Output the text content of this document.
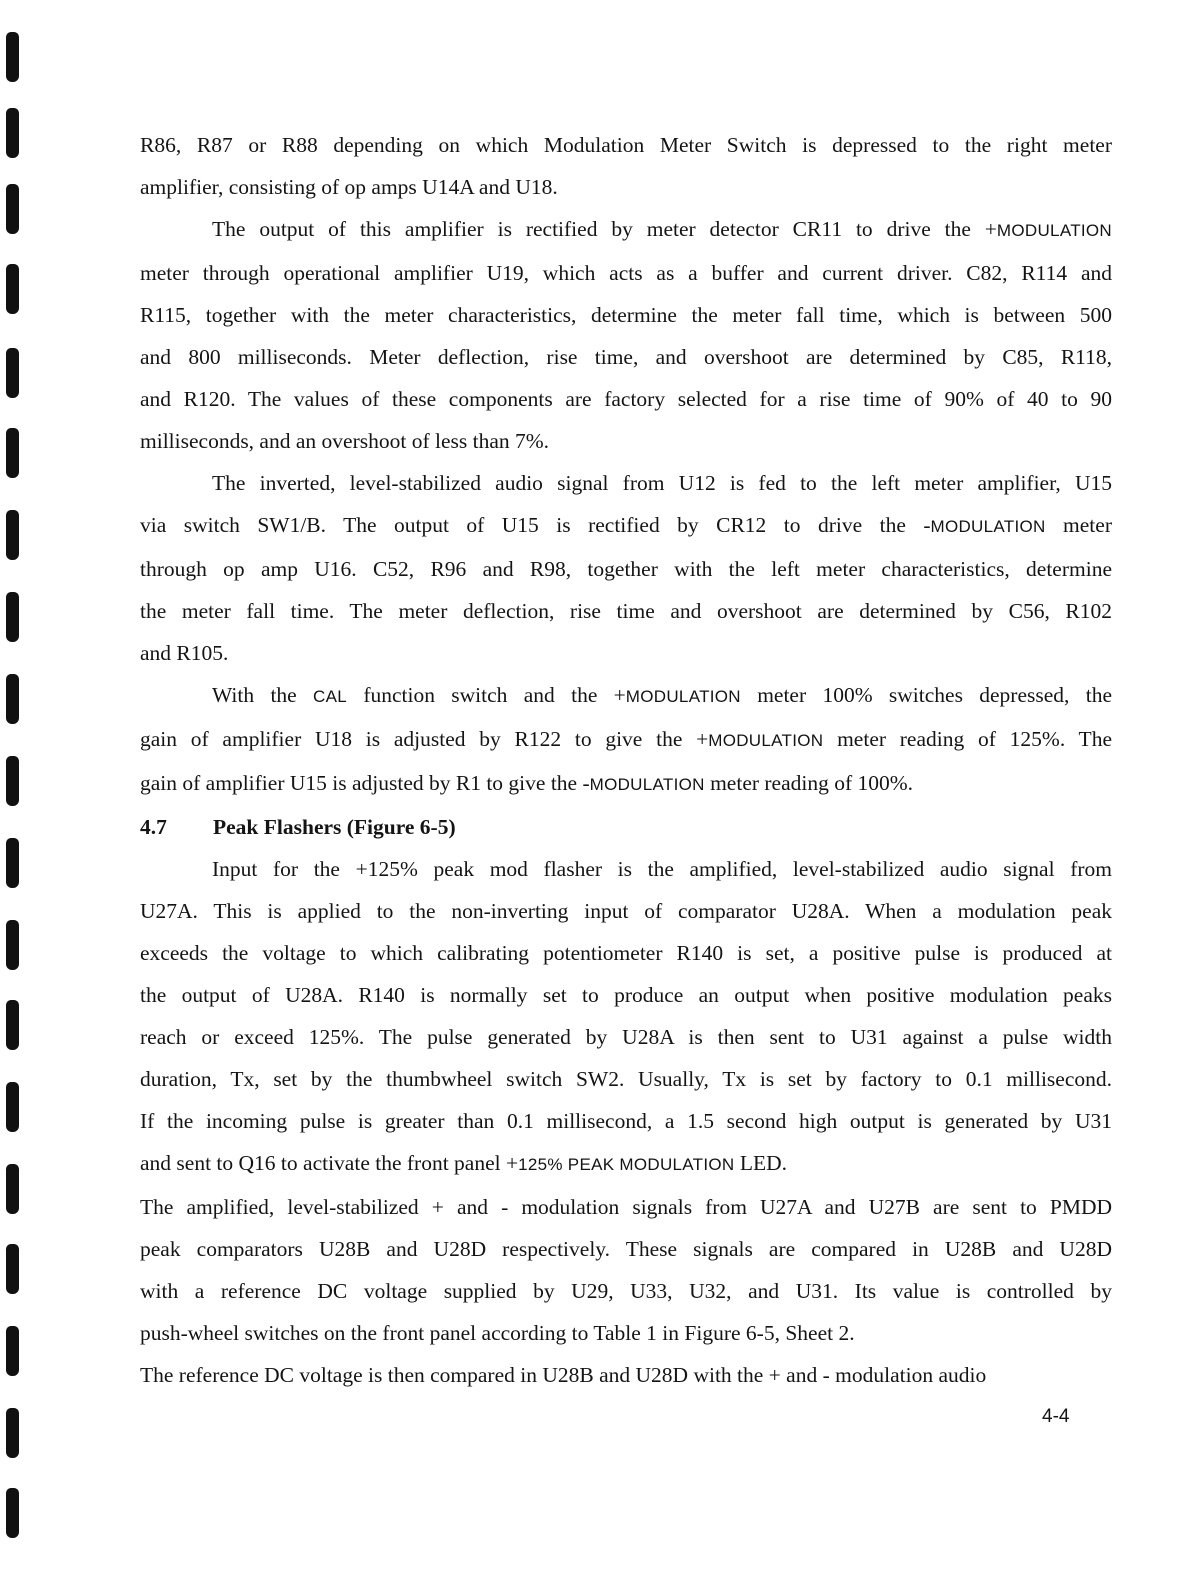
R86, R87 or R88 depending on which Modulation Meter Switch is depressed to the right meter
amplifier, consisting of op amps U14A and U18.

The output of this amplifier is rectified by meter detector CR11 to drive the +MODULATION
meter through operational amplifier U19, which acts as a buffer and current driver. C82, R114 and
R115, together with the meter characteristics, determine the meter fall time, which is between 500
and 800 milliseconds. Meter deflection, rise time, and overshoot are determined by C85, R118,
and R120. The values of these components are factory selected for a rise time of 90% of 40 to 90
milliseconds, and an overshoot of less than 7%.

The inverted, level-stabilized audio signal from U12 is fed to the left meter amplifier, U15
via switch SW1/B. The output of U15 is rectified by CR12 to drive the -MODULATION meter
through op amp U16. C52, R96 and R98, together with the left meter characteristics, determine
the meter fall time. The meter deflection, rise time and overshoot are determined by C56, R102
and R105.

With the CAL function switch and the +MODULATION meter 100% switches depressed, the
gain of amplifier U18 is adjusted by R122 to give the +MODULATION meter reading of 125%. The
gain of amplifier U15 is adjusted by R1 to give the -MODULATION meter reading of 100%.

4.7	Peak Flashers (Figure 6-5)

Input for the +125% peak mod flasher is the amplified, level-stabilized audio signal from
U27A. This is applied to the non-inverting input of comparator U28A. When a modulation peak
exceeds the voltage to which calibrating potentiometer R140 is set, a positive pulse is produced at
the output of U28A. R140 is normally set to produce an output when positive modulation peaks
reach or exceed 125%. The pulse generated by U28A is then sent to U31 against a pulse width
duration, Tx, set by the thumbwheel switch SW2. Usually, Tx is set by factory to 0.1 millisecond.
If the incoming pulse is greater than 0.1 millisecond, a 1.5 second high output is generated by U31
and sent to Q16 to activate the front panel +125% PEAK MODULATION LED.

The amplified, level-stabilized + and - modulation signals from U27A and U27B are sent to PMDD
peak comparators U28B and U28D respectively. These signals are compared in U28B and U28D
with a reference DC voltage supplied by U29, U33, U32, and U31. Its value is controlled by
push-wheel switches on the front panel according to Table 1 in Figure 6-5, Sheet 2.

The reference DC voltage is then compared in U28B and U28D with the + and - modulation audio

4-4
